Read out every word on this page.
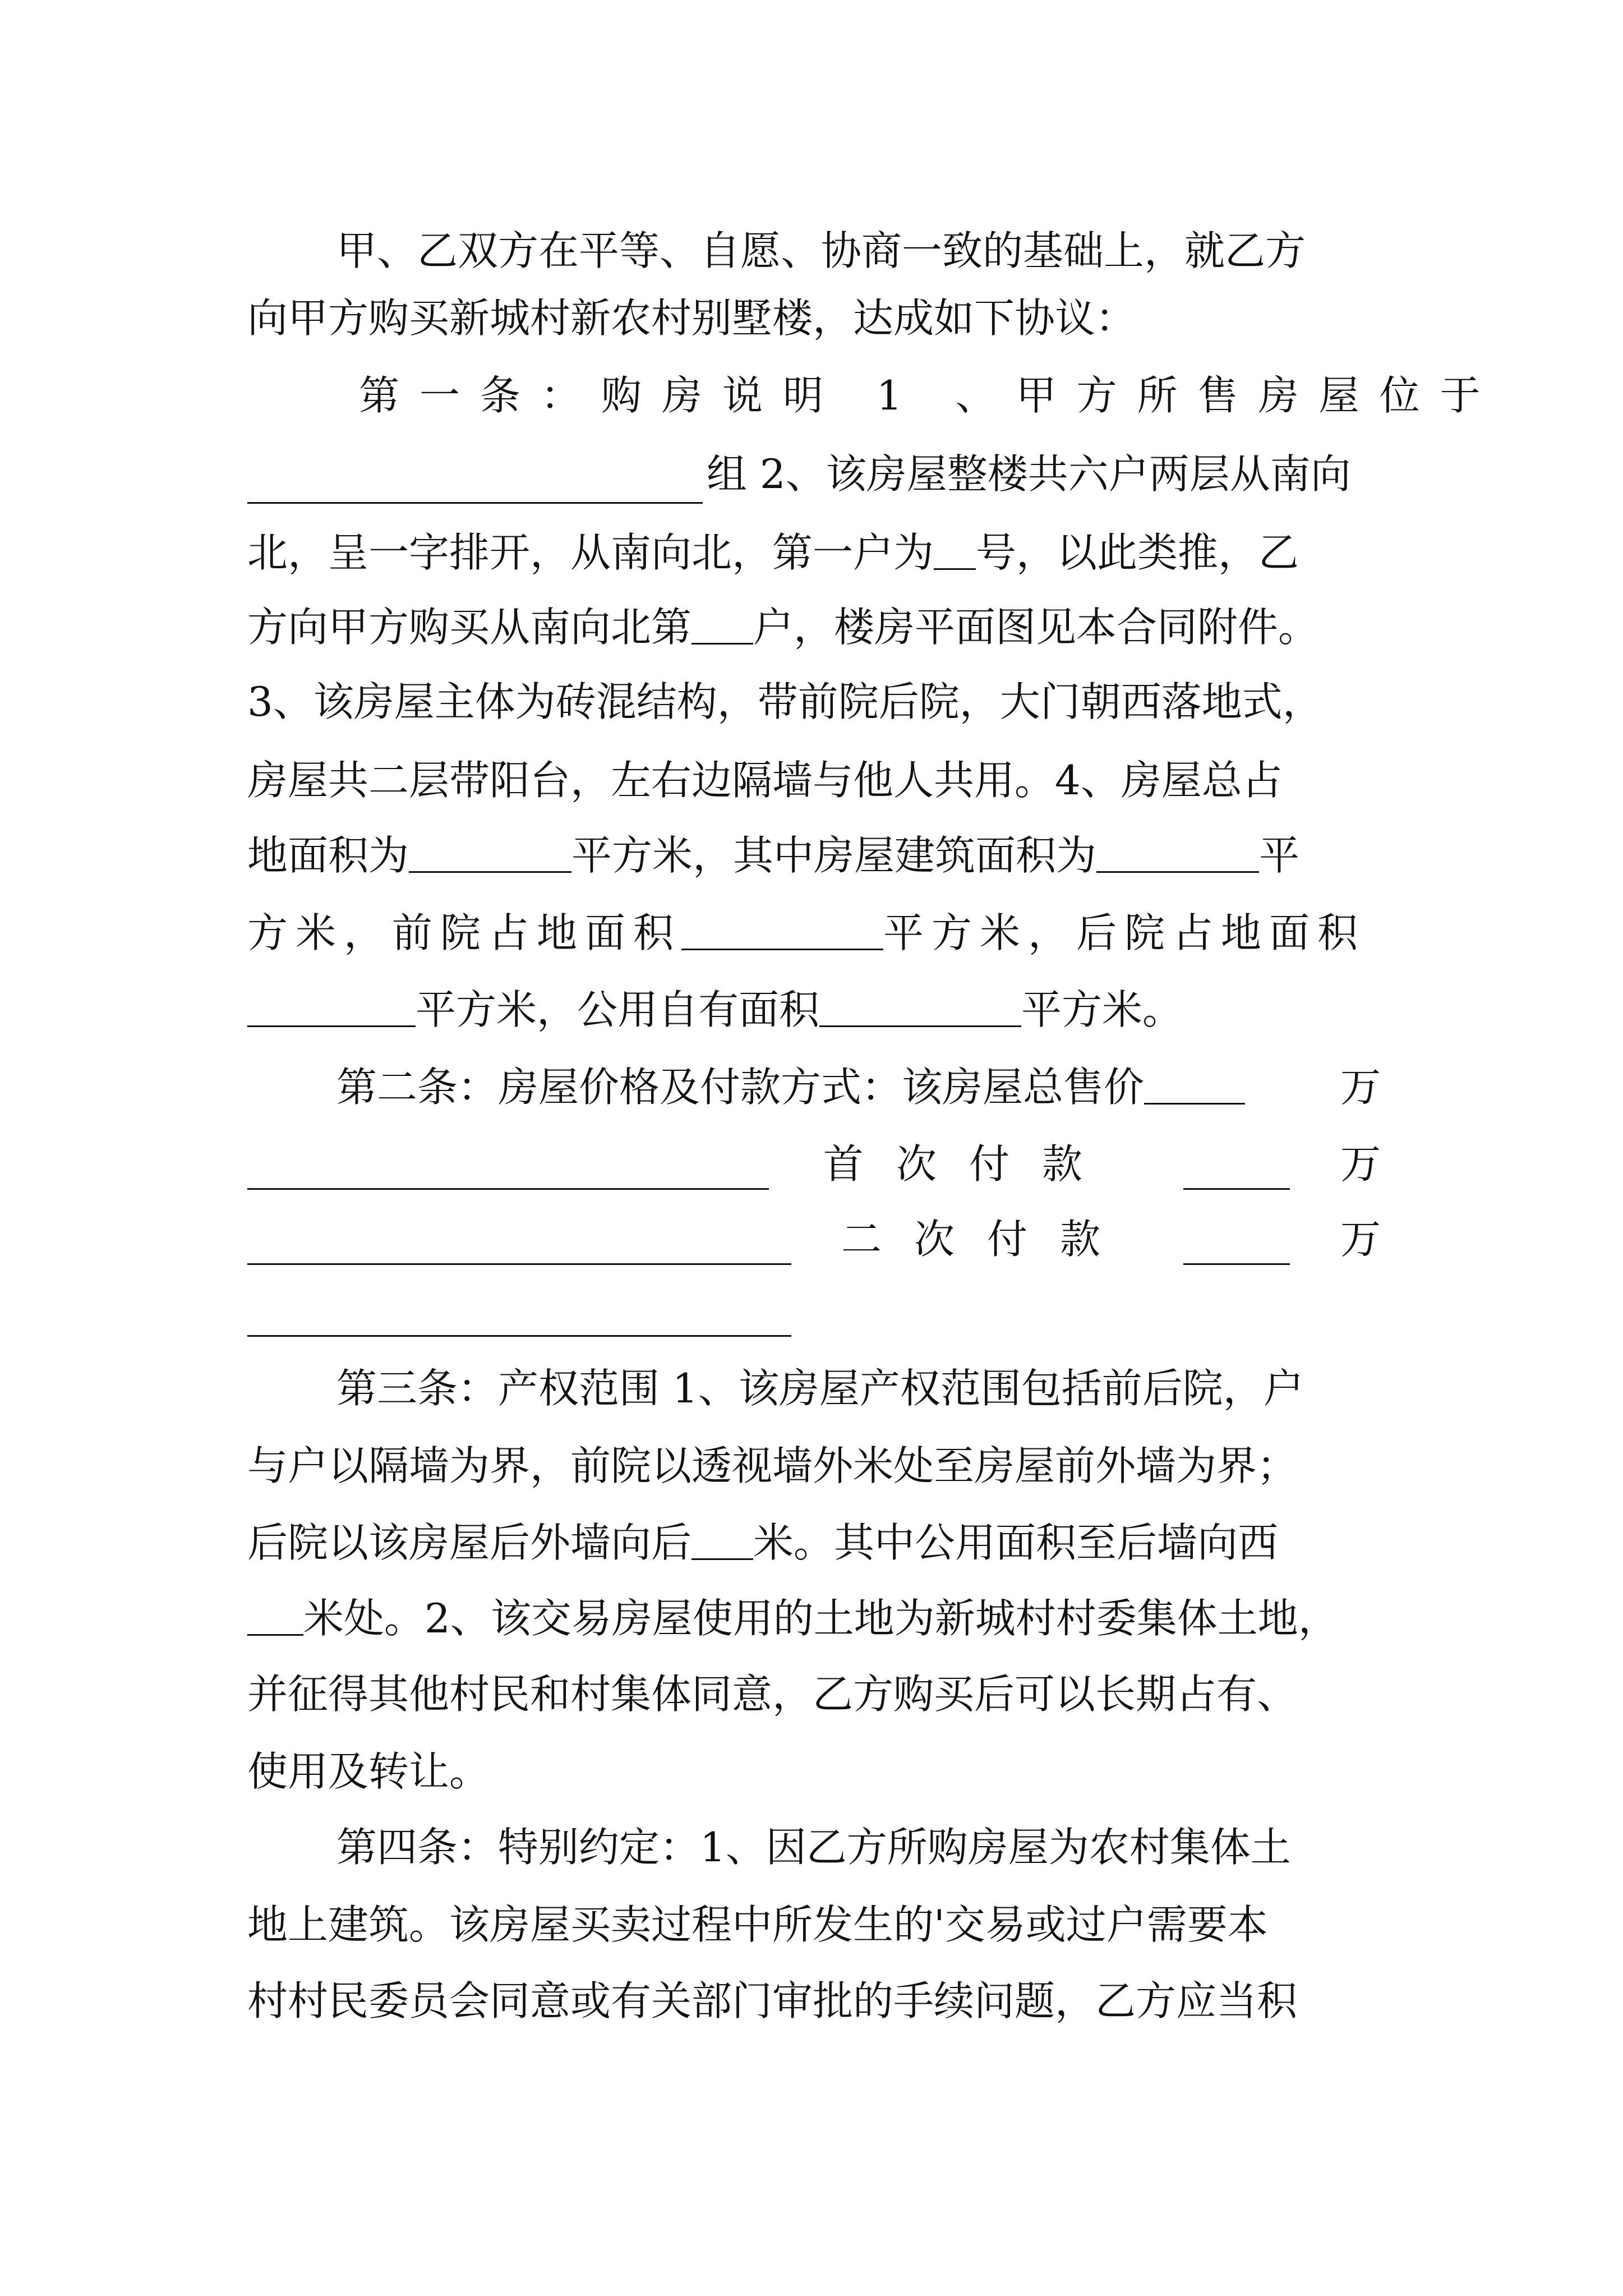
甲、乙双方在平等、自愿、协商一致的基础上，就乙方
向甲方购买新城村新农村别墅楼，达成如下协议：
第一条：购房说明 1 、甲方所售房屋位于
组 2、该房屋整楼共六户两层从南向
北，呈一字排开，从南向北，第一户为 号，以此类推，乙
方向甲方购买从南向北第 户，楼房平面图见本合同附件。
3、该房屋主体为砖混结构，带前院后院，大门朝西落地式，
房屋共二层带阳台，左右边隔墙与他人共用。4、房屋总占
地面积为	平方米，其中房屋建筑面积为	平
方米，前院占地面积	平方米，后院占地面积
平方米，公用自有面积	平方米。
第二条：房屋价格及付款方式：该房屋总售价	万
首次付款	万
二次付款	万
第三条：产权范围 1、该房屋产权范围包括前后院，户
与户以隔墙为界，前院以透视墙外米处至房屋前外墙为界；
后院以该房屋后外墙向后 米。其中公用面积至后墙向西
米处。2、该交易房屋使用的土地为新城村村委集体土地，
并征得其他村民和村集体同意，乙方购买后可以长期占有、
使用及转让。
第四条：特别约定：1、因乙方所购房屋为农村集体土
地上建筑。该房屋买卖过程中所发生的'交易或过户需要本
村村民委员会同意或有关部门审批的手续问题，乙方应当积
